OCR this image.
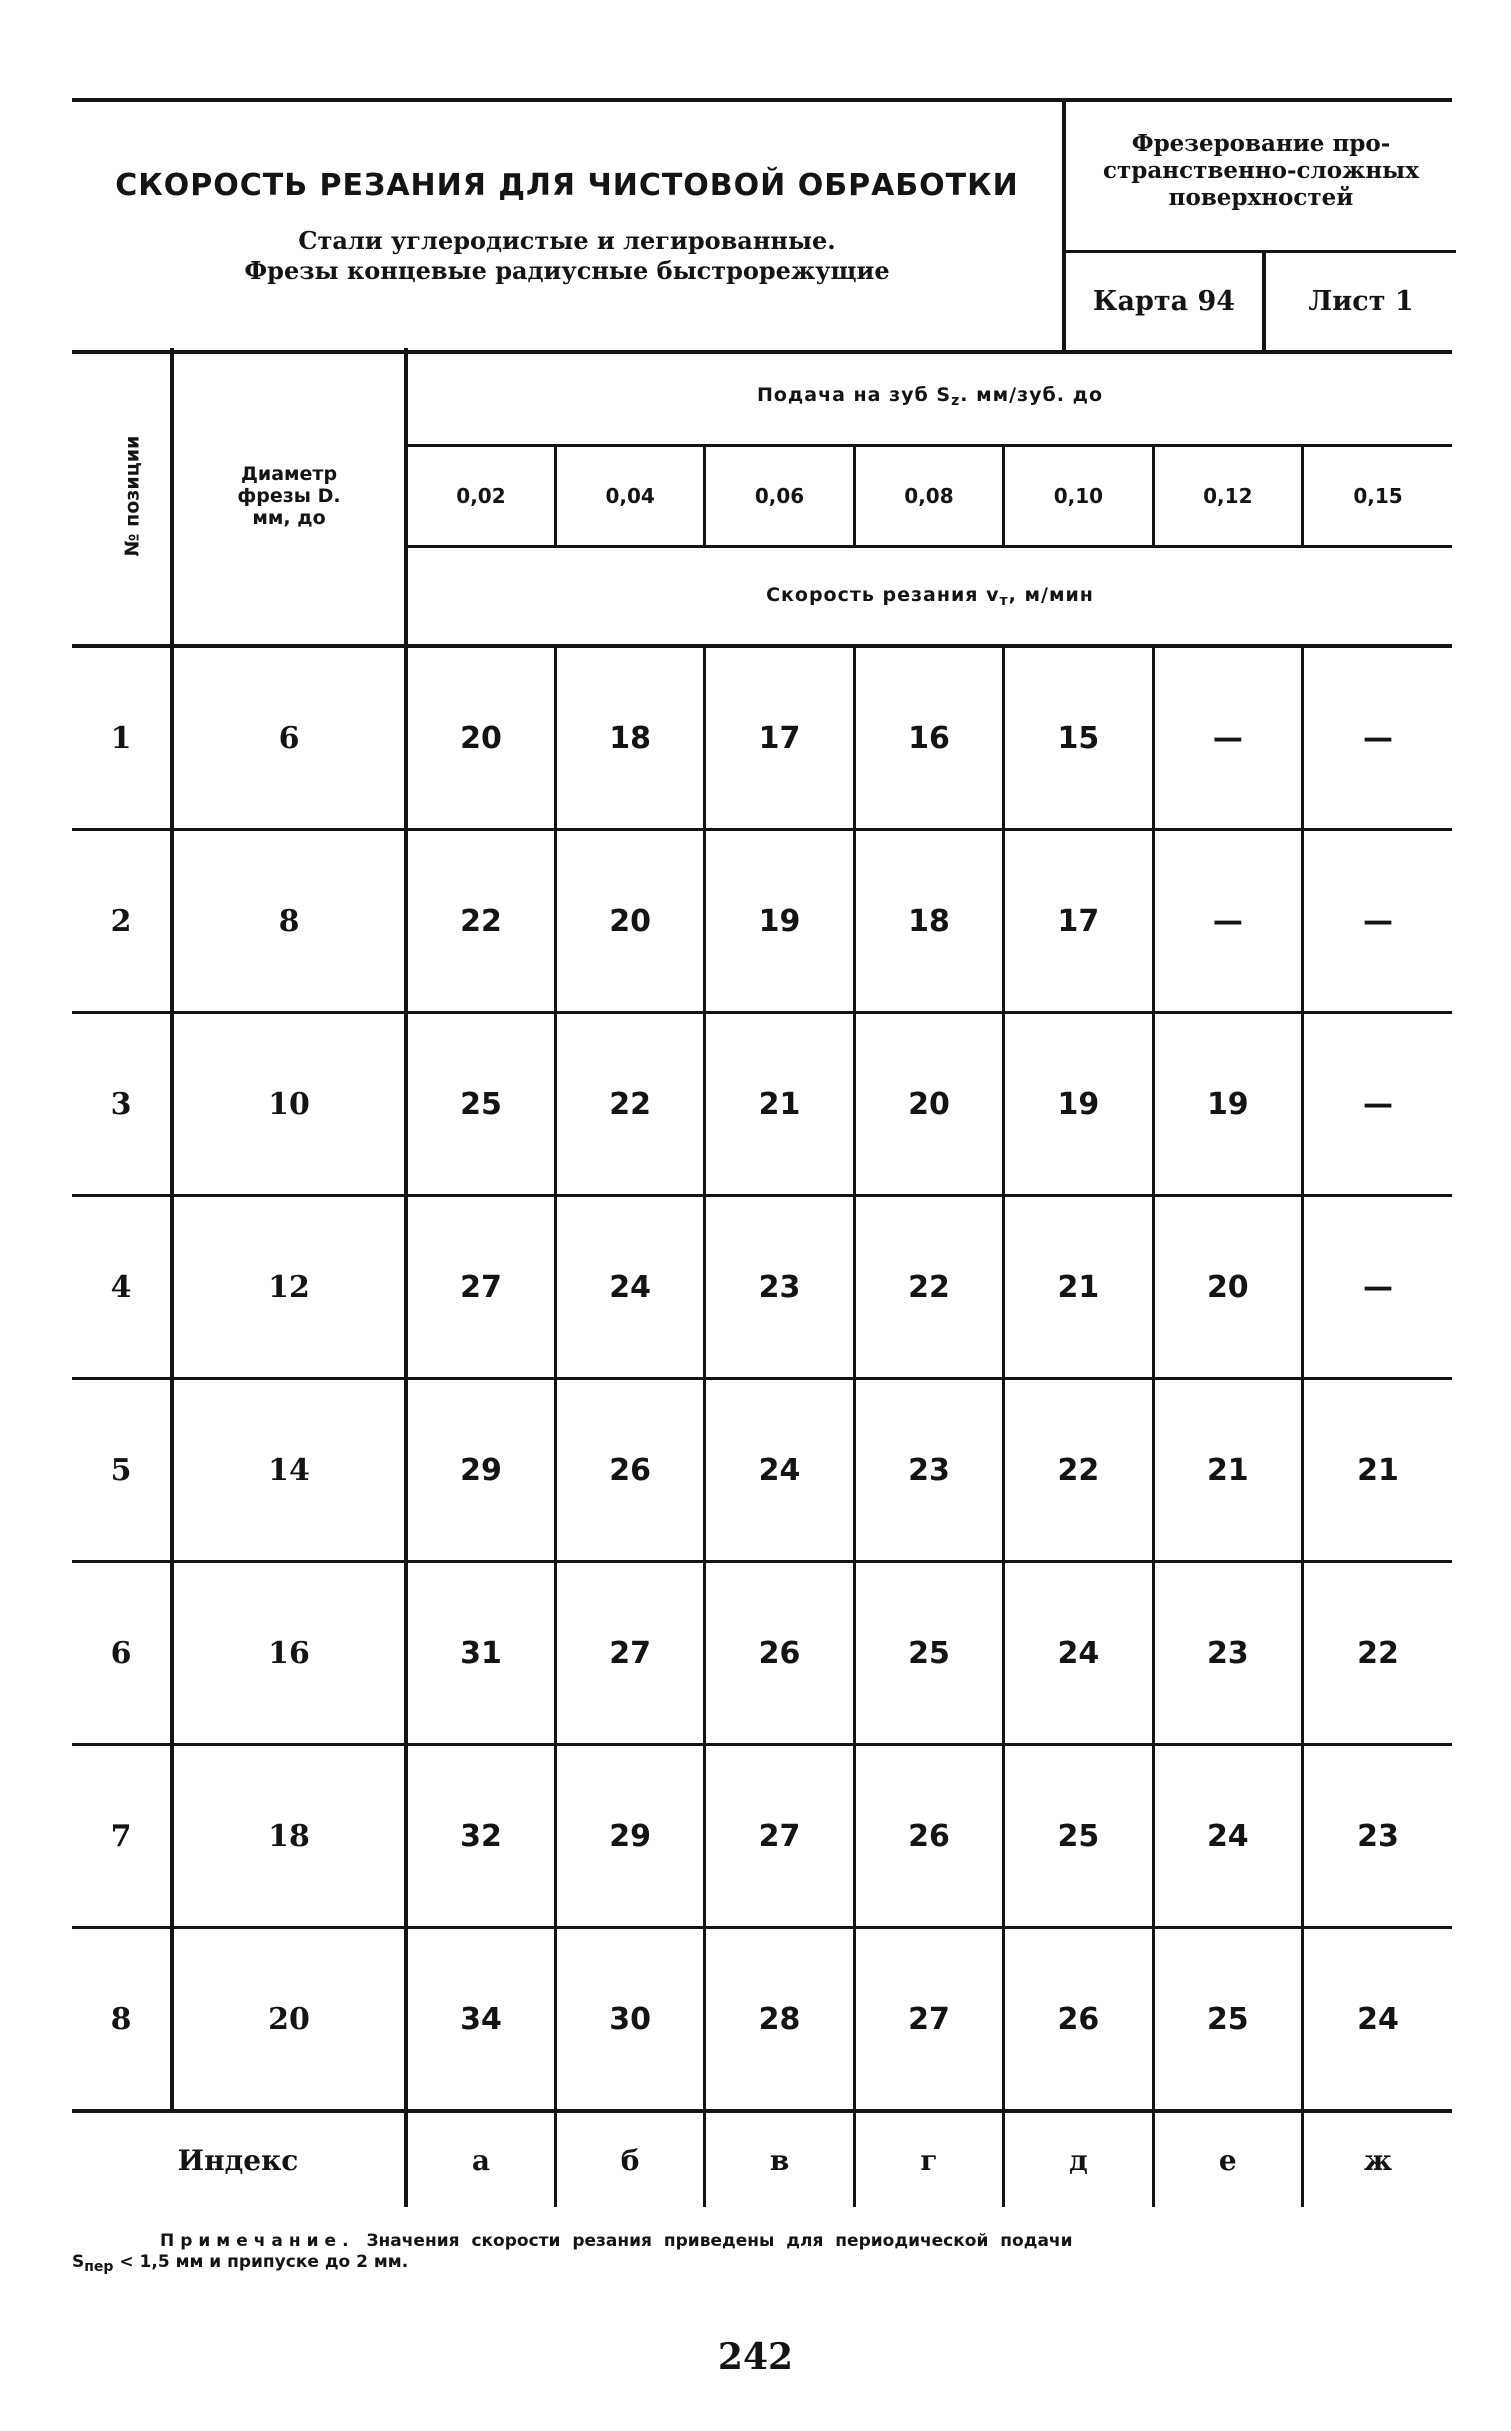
СКОРОСТЬ РЕЗАНИЯ ДЛЯ ЧИСТОВОЙ ОБРАБОТКИ
Стали углеродистые и легированные.
Фрезы концевые радиусные быстрорежущие
Фрезерование про-
странственно-сложных
поверхностей
Карта 94	Лист 1
№ позиции	Диаметр
фрезы D.
мм, до	Подача на зуб $S_z$. мм/зуб. до						
		0,02	0,04	0,06	0,08	0,10	0,12	0,15
		Скорость резания $v_т$, м/мин						
1	6	20	18	17	16	15	—	—
2	8	22	20	19	18	17	—	—
3	10	25	22	21	20	19	19	—
4	12	27	24	23	22	21	20	—
5	14	29	26	24	23	22	21	21
6	16	31	27	26	25	24	23	22
7	18	32	29	27	26	25	24	23
8	20	34	30	28	27	26	25	24
Индекс		а	б	в	г	д	е	ж
Примечание. Значения скорости резания приведены для периодической подачи
$S_{пер} < 1,5$ мм и припуске до 2 мм.
242
